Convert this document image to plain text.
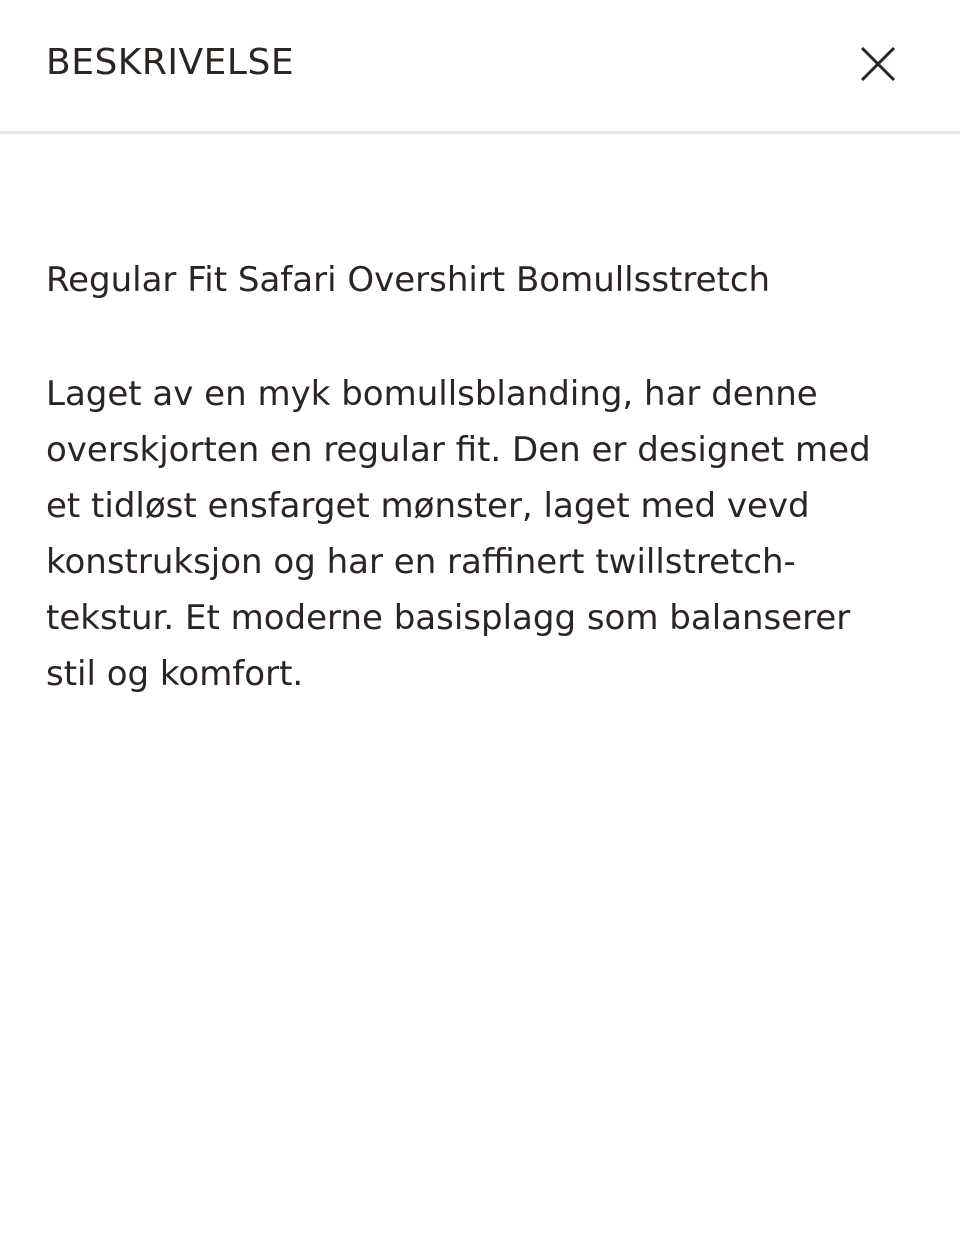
BESKRIVELSE

Regular Fit Safari Overshirt Bomullsstretch

Laget av en myk bomullsblanding, har denne overskjorten en regular fit. Den er designet med et tidløst ensfarget mønster, laget med vevd konstruksjon og har en raffinert twillstretch-tekstur. Et moderne basisplagg som balanserer stil og komfort.
